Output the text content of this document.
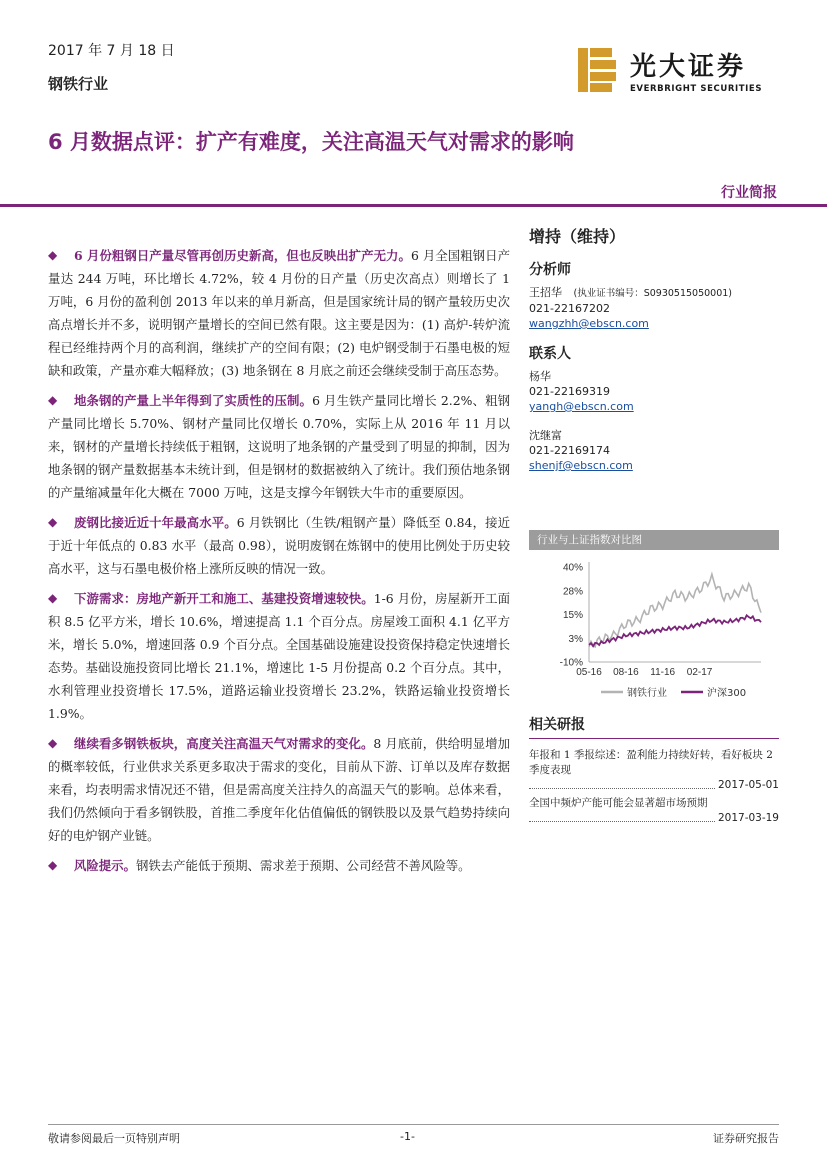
2017 年 7 月 18 日
钢铁行业
光大证券
EVERBRIGHT SECURITIES
6 月数据点评：扩产有难度，关注高温天气对需求的影响
行业简报
◆ 6 月份粗钢日产量尽管再创历史新高，但也反映出扩产无力。6 月全国粗钢日产量达 244 万吨，环比增长 4.72%，较 4 月份的日产量（历史次高点）则增长了 1 万吨，6 月份的盈利创 2013 年以来的单月新高，但是国家统计局的钢产量较历史次高点增长并不多，说明钢产量增长的空间已然有限。这主要是因为：(1) 高炉-转炉流程已经维持两个月的高利润，继续扩产的空间有限；(2) 电炉钢受制于石墨电极的短缺和政策，产量亦难大幅释放；(3) 地条钢在 8 月底之前还会继续受制于高压态势。
◆ 地条钢的产量上半年得到了实质性的压制。6 月生铁产量同比增长 2.2%、粗钢产量同比增长 5.70%、钢材产量同比仅增长 0.70%，实际上从 2016 年 11 月以来，钢材的产量增长持续低于粗钢，这说明了地条钢的产量受到了明显的抑制，因为地条钢的钢产量数据基本未统计到，但是钢材的数据被纳入了统计。我们预估地条钢的产量缩减量年化大概在 7000 万吨，这是支撑今年钢铁大牛市的重要原因。
◆ 废钢比接近近十年最高水平。6 月铁钢比（生铁/粗钢产量）降低至 0.84，接近于近十年低点的 0.83 水平（最高 0.98），说明废钢在炼钢中的使用比例处于历史较高水平，这与石墨电极价格上涨所反映的情况一致。
◆ 下游需求：房地产新开工和施工、基建投资增速较快。1-6 月份，房屋新开工面积 8.5 亿平方米，增长 10.6%，增速提高 1.1 个百分点。房屋竣工面积 4.1 亿平方米，增长 5.0%，增速回落 0.9 个百分点。全国基础设施建设投资保持稳定快速增长态势。基础设施投资同比增长 21.1%，增速比 1-5 月份提高 0.2 个百分点。其中，水利管理业投资增长 17.5%，道路运输业投资增长 23.2%，铁路运输业投资增长 1.9%。
◆ 继续看多钢铁板块，高度关注高温天气对需求的变化。8 月底前，供给明显增加的概率较低，行业供求关系更多取决于需求的变化，目前从下游、订单以及库存数据来看，均表明需求情况还不错，但是需高度关注持久的高温天气的影响。总体来看，我们仍然倾向于看多钢铁股，首推二季度年化估值偏低的钢铁股以及景气趋势持续向好的电炉钢产业链。
◆ 风险提示。钢铁去产能低于预期、需求差于预期、公司经营不善风险等。
增持（维持）
分析师
王招华 (执业证书编号：S0930515050001)
021-22167202
wangzhh@ebscn.com
联系人
杨华
021-22169319
yangh@ebscn.com
沈继富
021-22169174
shenjf@ebscn.com
行业与上证指数对比图
40%
28%
15%
3%
-10%
05-16 08-16 11-16 02-17
钢铁行业	沪深300
相关研报
年报和 1 季报综述：盈利能力持续好转，看好板块 2 季度表现
2017-05-01
全国中频炉产能可能会显著超市场预期
2017-03-19
敬请参阅最后一页特别声明	-1-	证券研究报告
